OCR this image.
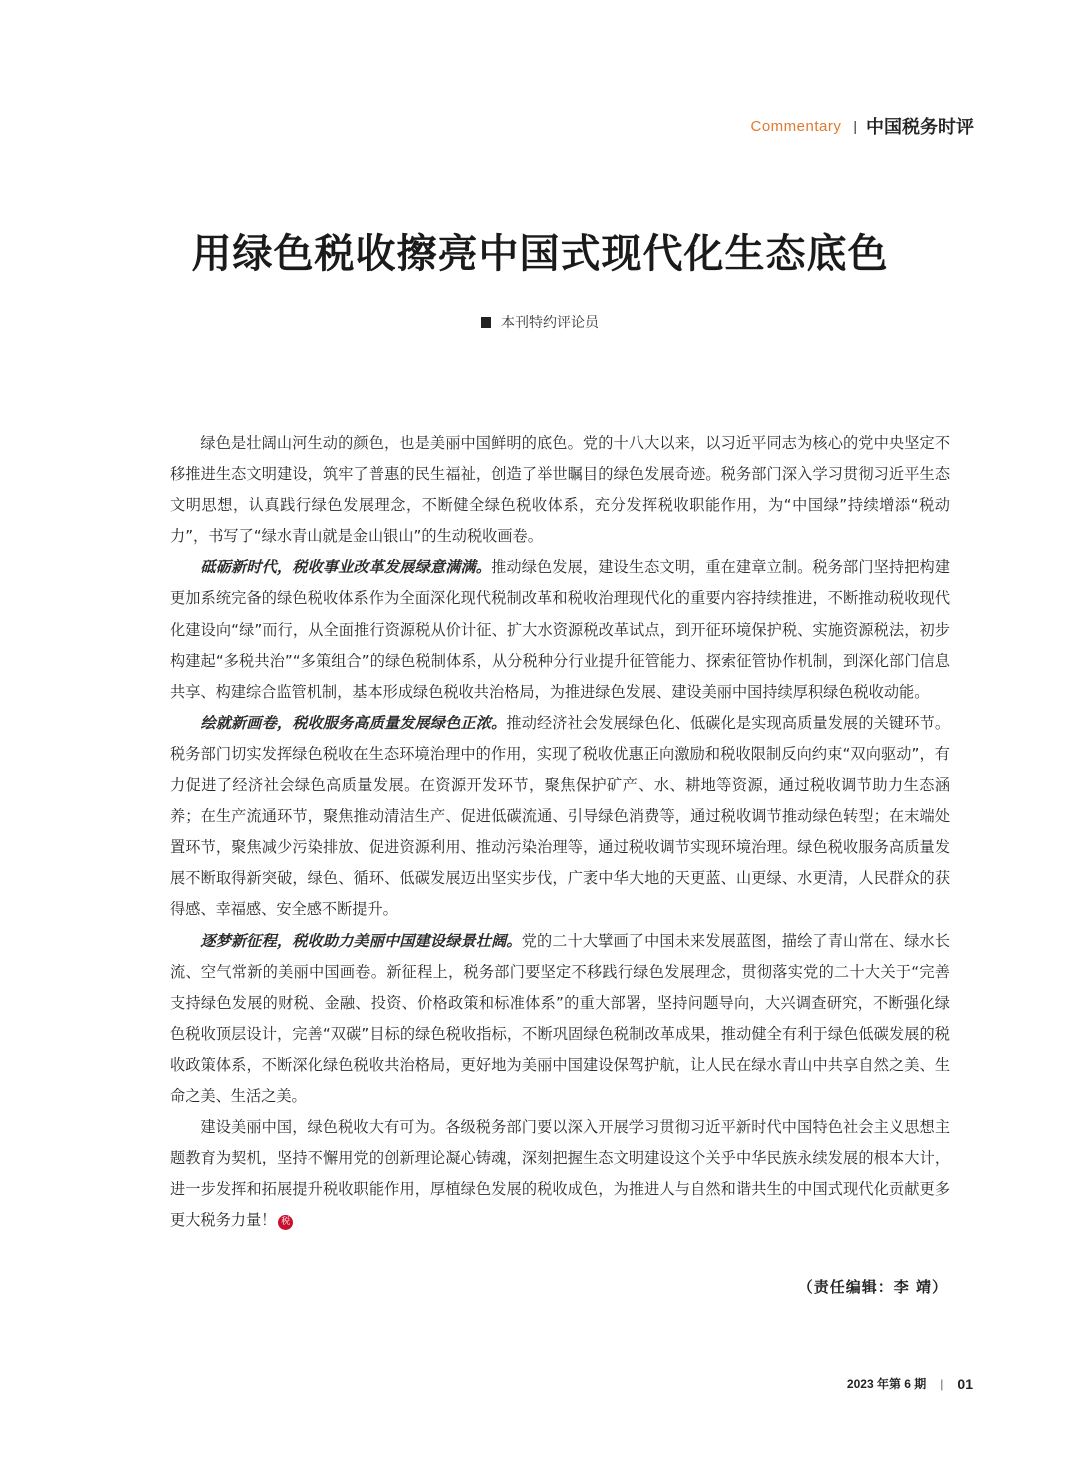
Commentary | 中国税务时评
用绿色税收擦亮中国式现代化生态底色
本刊特约评论员

绿色是壮阔山河生动的颜色，也是美丽中国鲜明的底色。党的十八大以来，以习近平同志为核心的党中央坚定不移推进生态文明建设，筑牢了普惠的民生福祉，创造了举世瞩目的绿色发展奇迹。税务部门深入学习贯彻习近平生态文明思想，认真践行绿色发展理念，不断健全绿色税收体系，充分发挥税收职能作用，为“中国绿”持续增添“税动力”，书写了“绿水青山就是金山银山”的生动税收画卷。

砥砺新时代，税收事业改革发展绿意满满。推动绿色发展，建设生态文明，重在建章立制。税务部门坚持把构建更加系统完备的绿色税收体系作为全面深化现代税制改革和税收治理现代化的重要内容持续推进，不断推动税收现代化建设向“绿”而行，从全面推行资源税从价计征、扩大水资源税改革试点，到开征环境保护税、实施资源税法，初步构建起“多税共治”“多策组合”的绿色税制体系，从分税种分行业提升征管能力、探索征管协作机制，到深化部门信息共享、构建综合监管机制，基本形成绿色税收共治格局，为推进绿色发展、建设美丽中国持续厚积绿色税收动能。

绘就新画卷，税收服务高质量发展绿色正浓。推动经济社会发展绿色化、低碳化是实现高质量发展的关键环节。税务部门切实发挥绿色税收在生态环境治理中的作用，实现了税收优惠正向激励和税收限制反向约束“双向驱动”，有力促进了经济社会绿色高质量发展。在资源开发环节，聚焦保护矿产、水、耕地等资源，通过税收调节助力生态涵养；在生产流通环节，聚焦推动清洁生产、促进低碳流通、引导绿色消费等，通过税收调节推动绿色转型；在末端处置环节，聚焦减少污染排放、促进资源利用、推动污染治理等，通过税收调节实现环境治理。绿色税收服务高质量发展不断取得新突破，绿色、循环、低碳发展迈出坚实步伐，广袤中华大地的天更蓝、山更绿、水更清，人民群众的获得感、幸福感、安全感不断提升。

逐梦新征程，税收助力美丽中国建设绿景壮阔。党的二十大擘画了中国未来发展蓝图，描绘了青山常在、绿水长流、空气常新的美丽中国画卷。新征程上，税务部门要坚定不移践行绿色发展理念，贯彻落实党的二十大关于“完善支持绿色发展的财税、金融、投资、价格政策和标准体系”的重大部署，坚持问题导向，大兴调查研究，不断强化绿色税收顶层设计，完善“双碳”目标的绿色税收指标，不断巩固绿色税制改革成果，推动健全有利于绿色低碳发展的税收政策体系，不断深化绿色税收共治格局，更好地为美丽中国建设保驾护航，让人民在绿水青山中共享自然之美、生命之美、生活之美。

建设美丽中国，绿色税收大有可为。各级税务部门要以深入开展学习贯彻习近平新时代中国特色社会主义思想主题教育为契机，坚持不懈用党的创新理论凝心铸魂，深刻把握生态文明建设这个关乎中华民族永续发展的根本大计，进一步发挥和拓展提升税收职能作用，厚植绿色发展的税收成色，为推进人与自然和谐共生的中国式现代化贡献更多更大税务力量！ 税

（责任编辑：李 靖）
2023 年第 6 期 | 01
